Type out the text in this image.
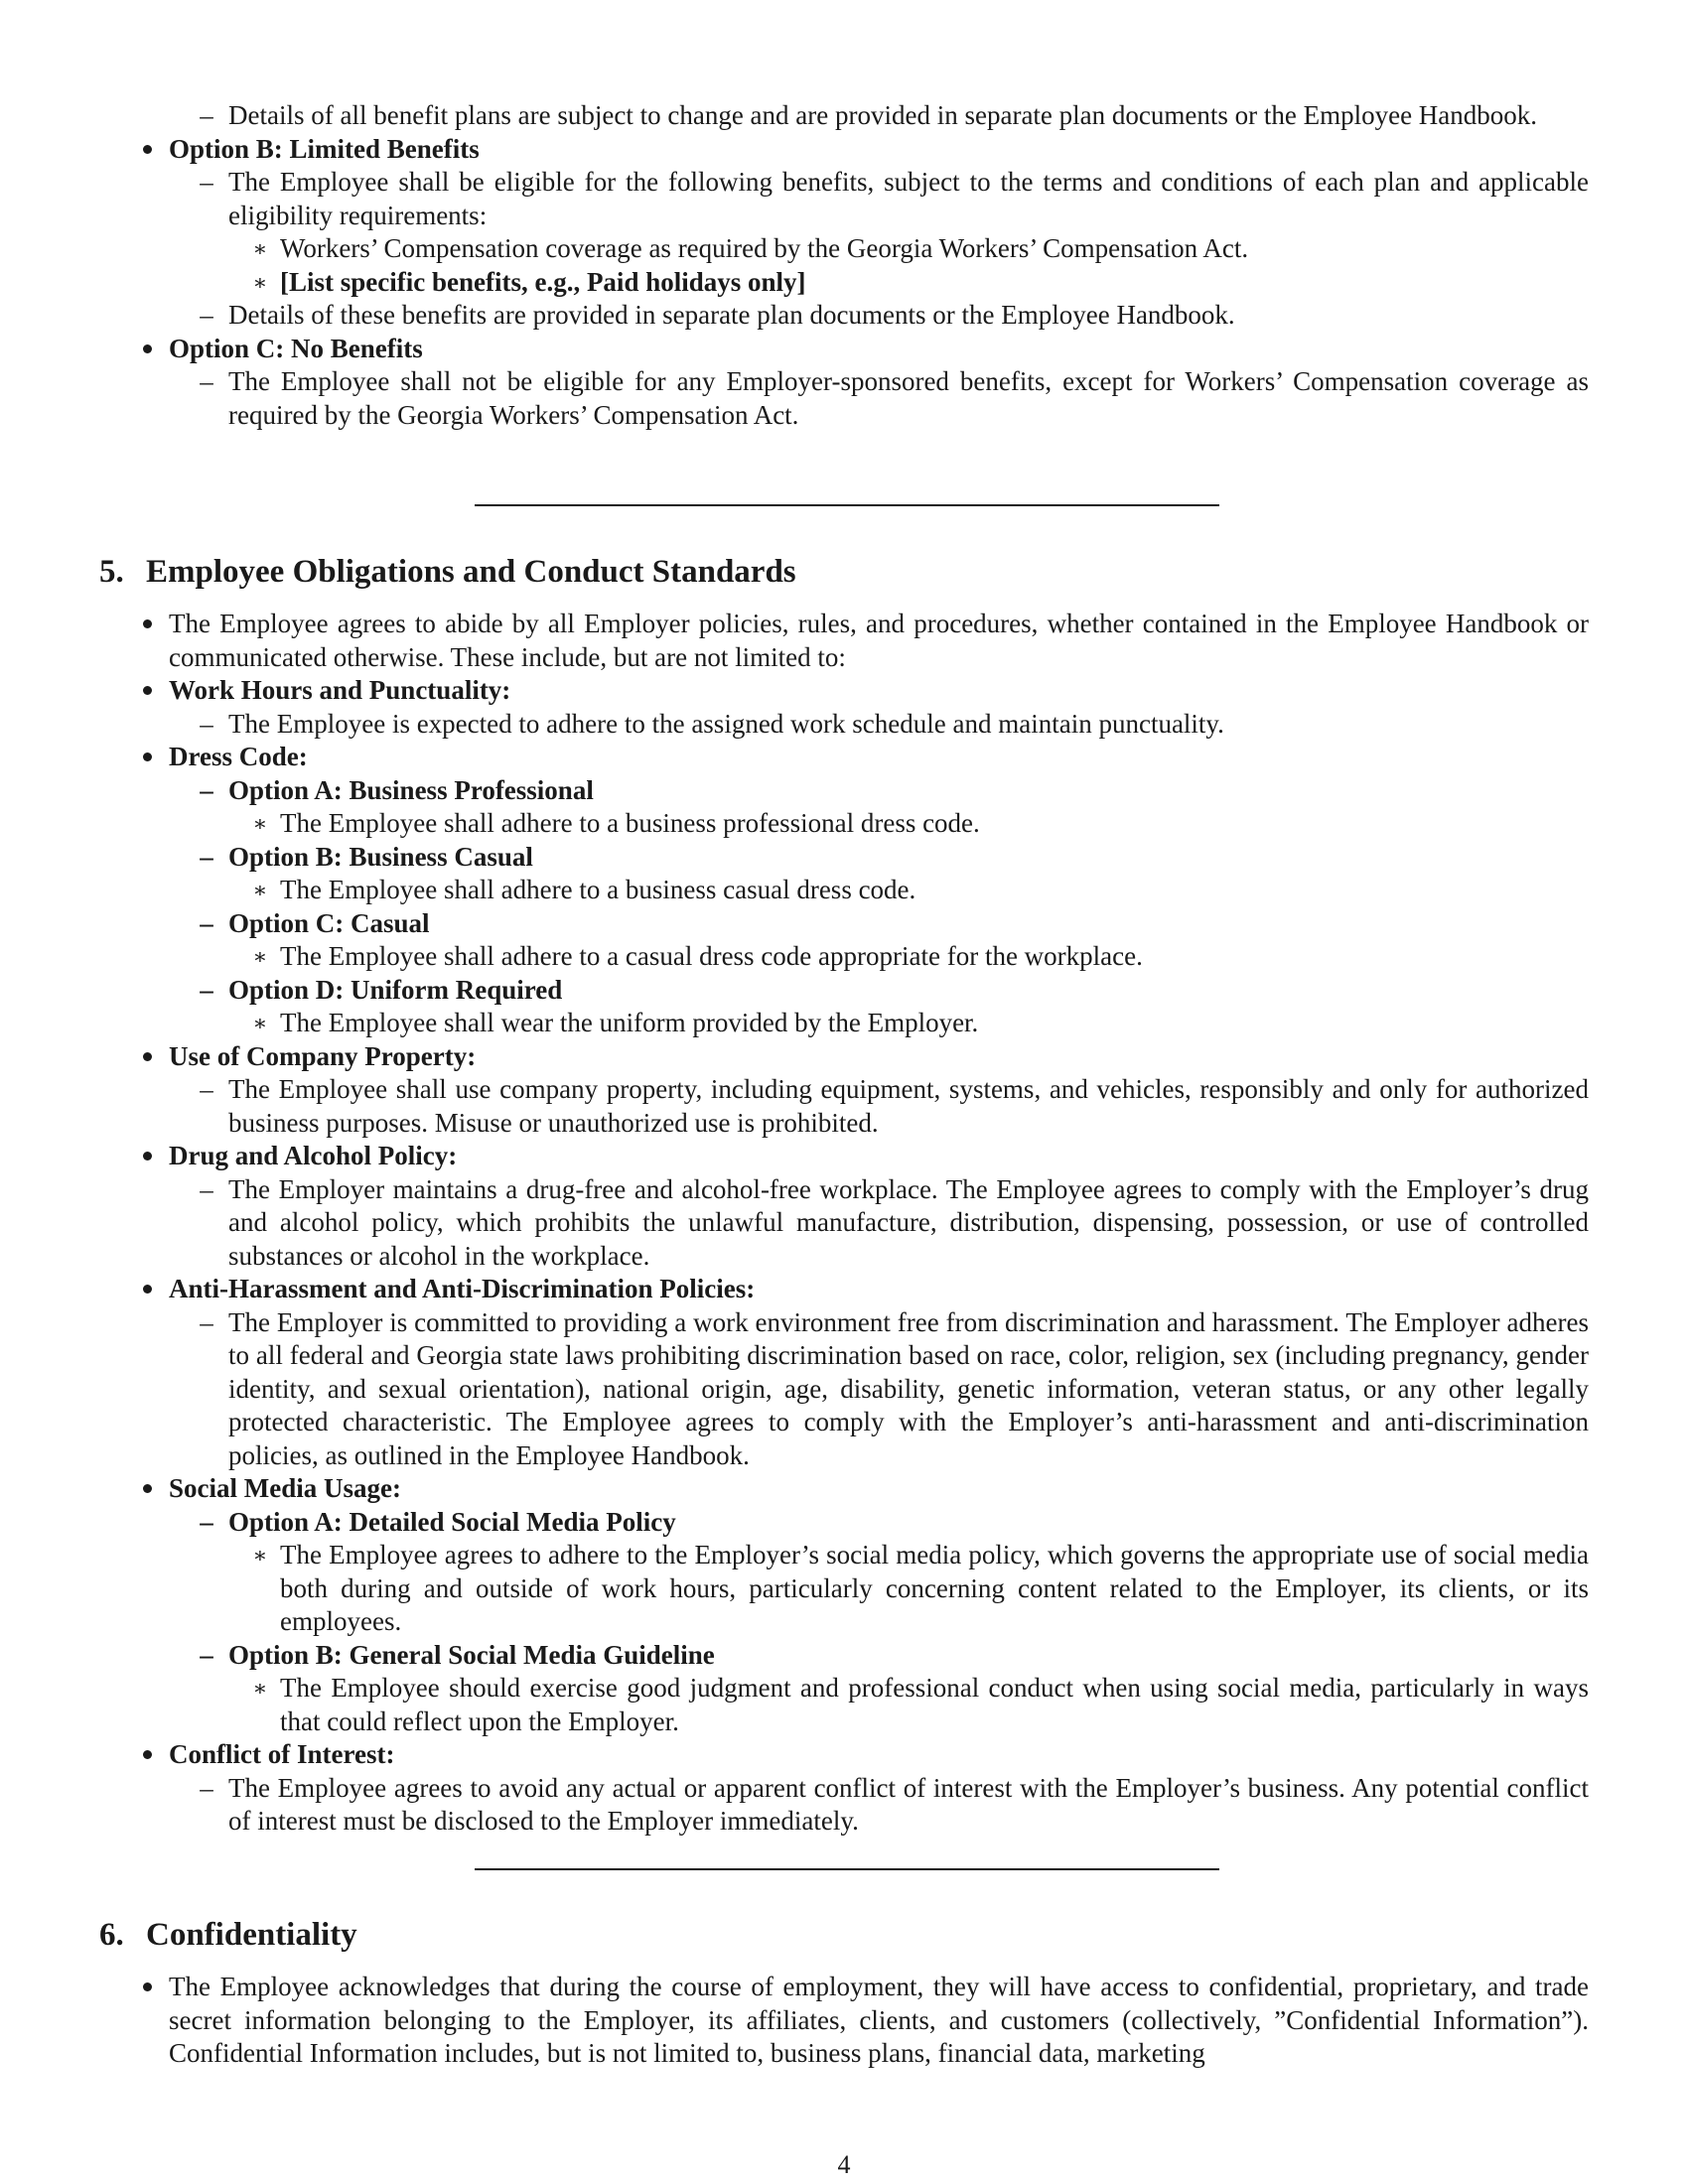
– Details of all benefit plans are subject to change and are provided in separate plan documents or the Employee Handbook.

Option B: Limited Benefits

– The Employee shall be eligible for the following benefits, subject to the terms and conditions of each plan and applicable eligibility requirements:

∗ Workers’ Compensation coverage as required by the Georgia Workers’ Compensation Act.

∗ [List specific benefits, e.g., Paid holidays only]

– Details of these benefits are provided in separate plan documents or the Employee Handbook.

Option C: No Benefits

– The Employee shall not be eligible for any Employer-sponsored benefits, except for Workers’ Compensation coverage as required by the Georgia Workers’ Compensation Act.

5. Employee Obligations and Conduct Standards

The Employee agrees to abide by all Employer policies, rules, and procedures, whether contained in the Employee Handbook or communicated otherwise. These include, but are not limited to:

Work Hours and Punctuality:

– The Employee is expected to adhere to the assigned work schedule and maintain punctuality.

Dress Code:

– Option A: Business Professional

∗ The Employee shall adhere to a business professional dress code.

– Option B: Business Casual

∗ The Employee shall adhere to a business casual dress code.

– Option C: Casual

∗ The Employee shall adhere to a casual dress code appropriate for the workplace.

– Option D: Uniform Required

∗ The Employee shall wear the uniform provided by the Employer.

Use of Company Property:

– The Employee shall use company property, including equipment, systems, and vehicles, responsibly and only for authorized business purposes. Misuse or unauthorized use is prohibited.

Drug and Alcohol Policy:

– The Employer maintains a drug-free and alcohol-free workplace. The Employee agrees to comply with the Employer’s drug and alcohol policy, which prohibits the unlawful manufacture, distribution, dispensing, possession, or use of controlled substances or alcohol in the workplace.

Anti-Harassment and Anti-Discrimination Policies:

– The Employer is committed to providing a work environment free from discrimination and harassment. The Employer adheres to all federal and Georgia state laws prohibiting discrimination based on race, color, religion, sex (including pregnancy, gender identity, and sexual orientation), national origin, age, disability, genetic information, veteran status, or any other legally protected characteristic. The Employee agrees to comply with the Employer’s anti-harassment and anti-discrimination policies, as outlined in the Employee Handbook.

Social Media Usage:

– Option A: Detailed Social Media Policy

∗ The Employee agrees to adhere to the Employer’s social media policy, which governs the appropriate use of social media both during and outside of work hours, particularly concerning content related to the Employer, its clients, or its employees.

– Option B: General Social Media Guideline

∗ The Employee should exercise good judgment and professional conduct when using social media, particularly in ways that could reflect upon the Employer.

Conflict of Interest:

– The Employee agrees to avoid any actual or apparent conflict of interest with the Employer’s business. Any potential conflict of interest must be disclosed to the Employer immediately.

6. Confidentiality

The Employee acknowledges that during the course of employment, they will have access to confidential, proprietary, and trade secret information belonging to the Employer, its affiliates, clients, and customers (collectively, ”Confidential Information”). Confidential Information includes, but is not limited to, business plans, financial data, marketing

4
